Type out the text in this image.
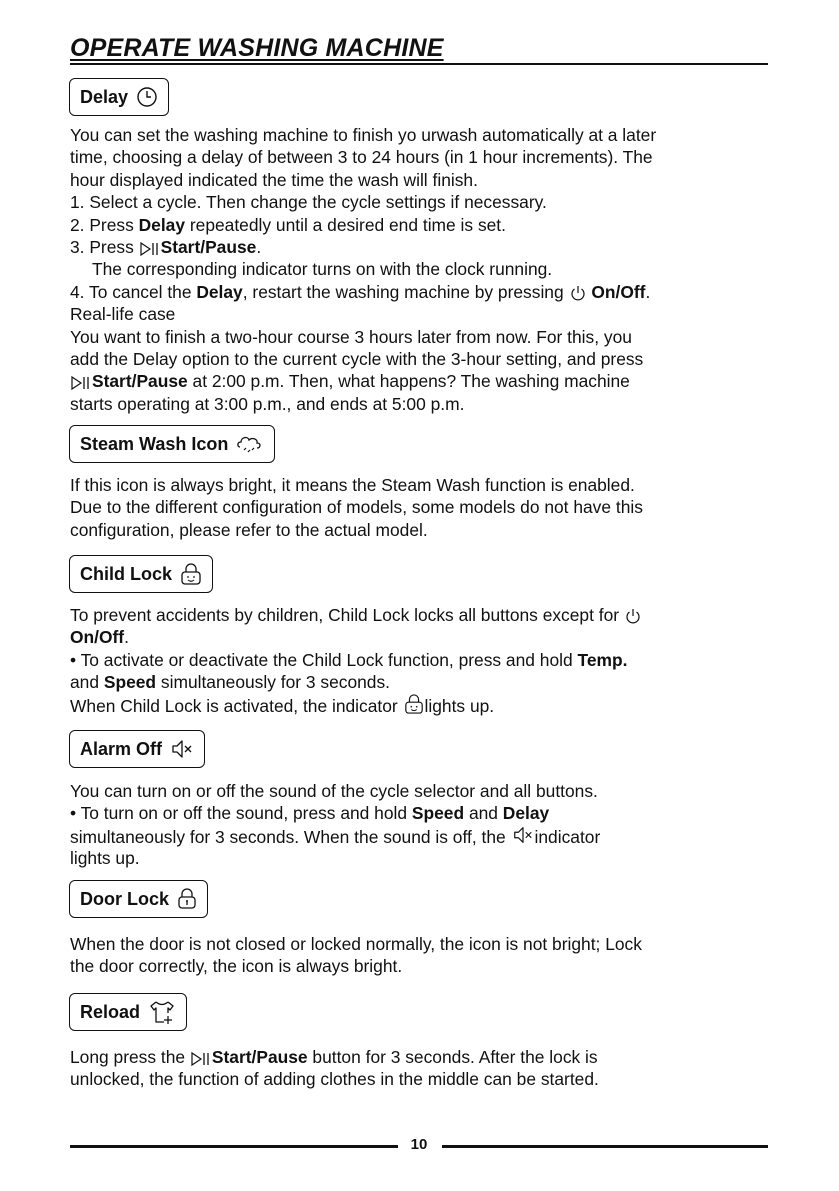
OPERATE WASHING MACHINE
Delay
You can set the washing machine to finish yo urwash automatically at a later
time, choosing a delay of between 3 to 24 hours (in 1 hour increments). The
hour displayed indicated the time the wash will finish.
1. Select a cycle. Then change the cycle settings if necessary.
2. Press Delay repeatedly until a desired end time is set.
3. Press Start/Pause.
The corresponding indicator turns on with the clock running.
4. To cancel the Delay, restart the washing machine by pressing  On/Off.
Real-life case
You want to finish a two-hour course 3 hours later from now. For this, you
add the Delay option to the current cycle with the 3-hour setting, and press
Start/Pause at 2:00 p.m. Then, what happens? The washing machine
starts operating at 3:00 p.m., and ends at 5:00 p.m.
Steam Wash Icon
If this icon is always bright, it means the Steam Wash function is enabled.
Due to the different configuration of models, some models do not have this
configuration, please refer to the actual model.
Child Lock
To prevent accidents by children, Child Lock locks all buttons except for
On/Off.
• To activate or deactivate the Child Lock function, press and hold Temp.
and Speed simultaneously for 3 seconds.
When Child Lock is activated, the indicator lights up.
Alarm Off
You can turn on or off the sound of the cycle selector and all buttons.
• To turn on or off the sound, press and hold Speed and Delay
simultaneously for 3 seconds. When the sound is off, the indicator
lights up.
Door Lock
When the door is not closed or locked normally, the icon is not bright; Lock
the door correctly, the icon is always bright.
Reload
Long press the Start/Pause button for 3 seconds. After the lock is
unlocked, the function of adding clothes in the middle can be started.
10
